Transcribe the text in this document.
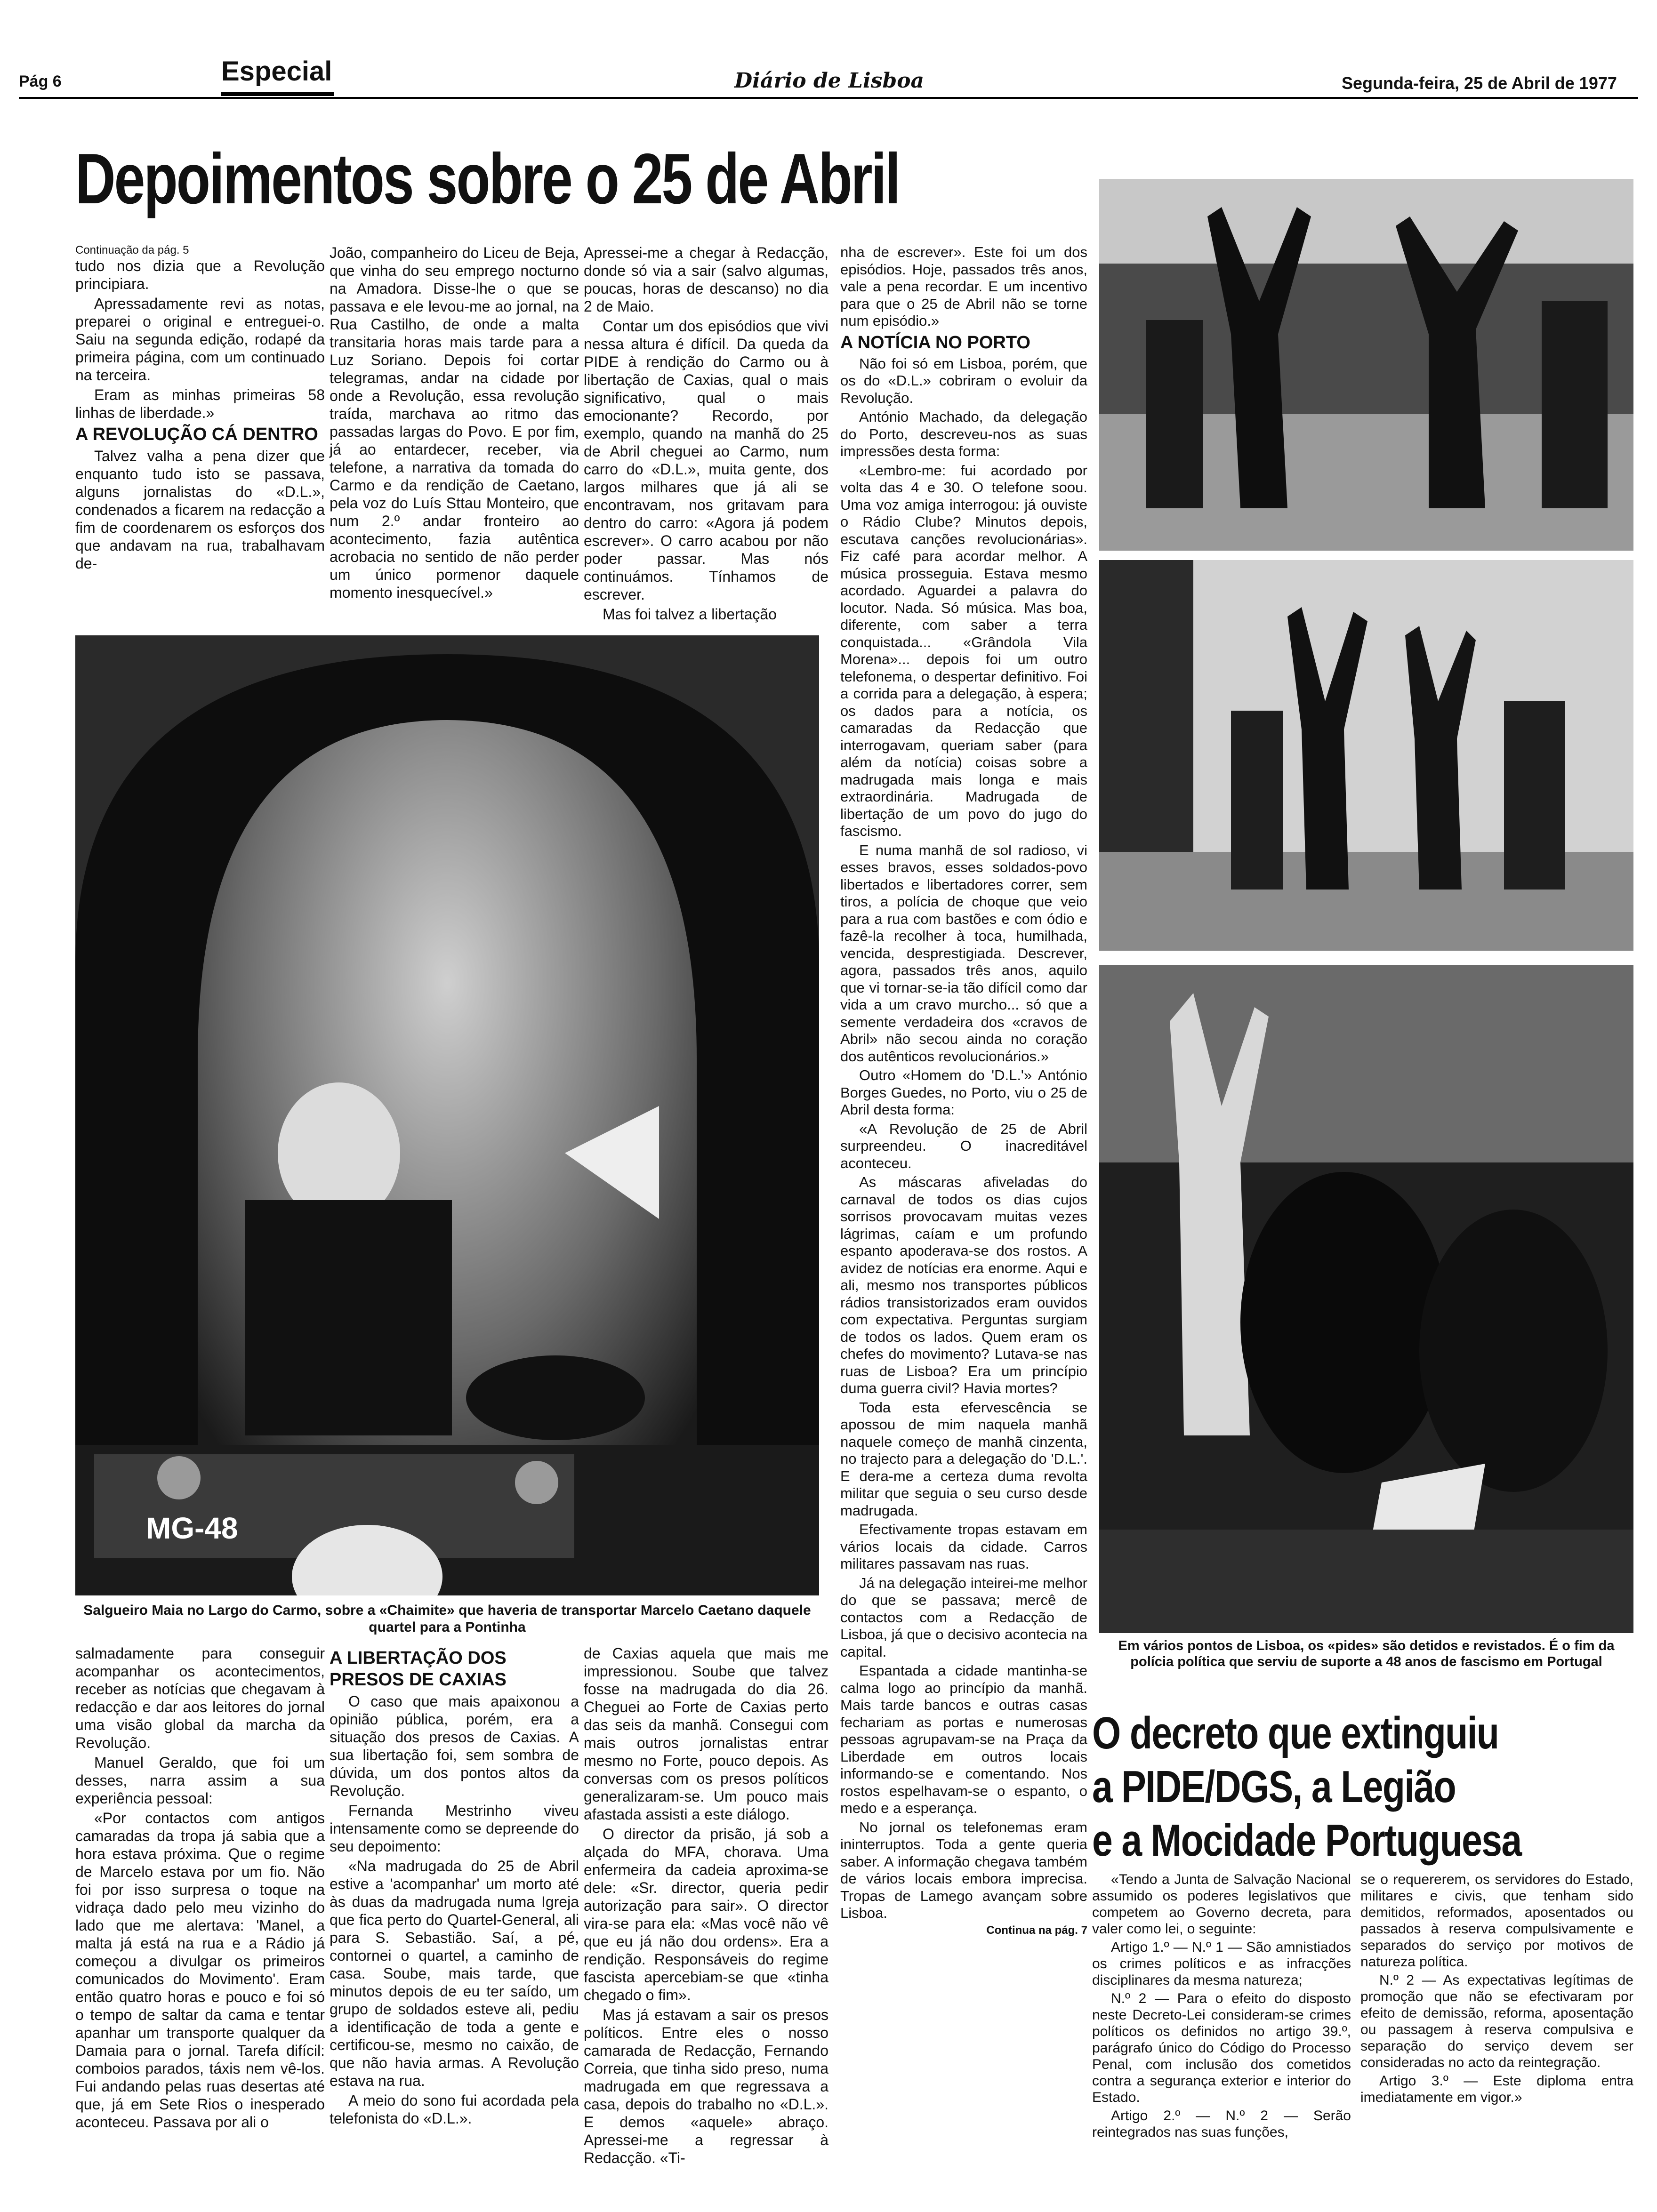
Pág 6	Especial	Diário de Lisboa	Segunda-feira, 25 de Abril de 1977
Depoimentos sobre o 25 de Abril
Continuação da pág. 5

tudo nos dizia que a Revolução principiara.

Apressadamente revi as notas, preparei o original e entreguei-o. Saiu na segunda edição, rodapé da primeira página, com um continuado na terceira.

Eram as minhas primeiras 58 linhas de liberdade.»

A REVOLUÇÃO CÁ DENTRO

Talvez valha a pena dizer que enquanto tudo isto se passava, alguns jornalistas do «D.L.», condenados a ficarem na redacção a fim de coordenarem os esforços dos que andavam na rua, trabalhavam de-

João, companheiro do Liceu de Beja, que vinha do seu emprego nocturno na Amadora. Disse-lhe o que se passava e ele levou-me ao jornal, na Rua Castilho, de onde a malta transitaria horas mais tarde para a Luz Soriano. Depois foi cortar telegramas, andar na cidade por onde a Revolução, essa revolução traída, marchava ao ritmo das passadas largas do Povo. E por fim, já ao entardecer, receber, via telefone, a narrativa da tomada do Carmo e da rendição de Caetano, pela voz do Luís Sttau Monteiro, que num 2.º andar fronteiro ao acontecimento, fazia autêntica acrobacia no sentido de não perder um único pormenor daquele momento inesquecível.»

Apressei-me a chegar à Redacção, donde só via a sair (salvo algumas, poucas, horas de descanso) no dia 2 de Maio.

Contar um dos episódios que vivi nessa altura é difícil. Da queda da PIDE à rendição do Carmo ou à libertação de Caxias, qual o mais significativo, qual o mais emocionante? Recordo, por exemplo, quando na manhã do 25 de Abril cheguei ao Carmo, num carro do «D.L.», muita gente, dos largos milhares que já ali se encontravam, nos gritavam para dentro do carro: «Agora já podem escrever». O carro acabou por não poder passar. Mas nós continuámos. Tínhamos de escrever.

Mas foi talvez a libertação

MG-48
Salgueiro Maia no Largo do Carmo, sobre a «Chaimite» que haveria de transportar Marcelo Caetano daquele quartel para a Pontinha

salmadamente para conseguir acompanhar os acontecimentos, receber as notícias que chegavam à redacção e dar aos leitores do jornal uma visão global da marcha da Revolução.

Manuel Geraldo, que foi um desses, narra assim a sua experiência pessoal:

«Por contactos com antigos camaradas da tropa já sabia que a hora estava próxima. Que o regime de Marcelo estava por um fio. Não foi por isso surpresa o toque na vidraça dado pelo meu vizinho do lado que me alertava: 'Manel, a malta já está na rua e a Rádio já começou a divulgar os primeiros comunicados do Movimento'. Eram então quatro horas e pouco e foi só o tempo de saltar da cama e tentar apanhar um transporte qualquer da Damaia para o jornal. Tarefa difícil: comboios parados, táxis nem vê-los. Fui andando pelas ruas desertas até que, já em Sete Rios o inesperado aconteceu. Passava por ali o

A LIBERTAÇÃO DOS PRESOS DE CAXIAS

O caso que mais apaixonou a opinião pública, porém, era a situação dos presos de Caxias. A sua libertação foi, sem sombra de dúvida, um dos pontos altos da Revolução.

Fernanda Mestrinho viveu intensamente como se depreende do seu depoimento:

«Na madrugada do 25 de Abril estive a 'acompanhar' um morto até às duas da madrugada numa Igreja que fica perto do Quartel-General, ali para S. Sebastião. Saí, a pé, contornei o quartel, a caminho de casa. Soube, mais tarde, que minutos depois de eu ter saído, um grupo de soldados esteve ali, pediu a identificação de toda a gente e certificou-se, mesmo no caixão, de que não havia armas. A Revolução estava na rua.

A meio do sono fui acordada pela telefonista do «D.L.».

de Caxias aquela que mais me impressionou. Soube que talvez fosse na madrugada do dia 26. Cheguei ao Forte de Caxias perto das seis da manhã. Consegui com mais outros jornalistas entrar mesmo no Forte, pouco depois. As conversas com os presos políticos generalizaram-se. Um pouco mais afastada assisti a este diálogo.

O director da prisão, já sob a alçada do MFA, chorava. Uma enfermeira da cadeia aproxima-se dele: «Sr. director, queria pedir autorização para sair». O director vira-se para ela: «Mas você não vê que eu já não dou ordens». Era a rendição. Responsáveis do regime fascista apercebiam-se que «tinha chegado o fim».

Mas já estavam a sair os presos políticos. Entre eles o nosso camarada de Redacção, Fernando Correia, que tinha sido preso, numa madrugada em que regressava a casa, depois do trabalho no «D.L.». E demos «aquele» abraço. Apressei-me a regressar à Redacção. «Ti-

nha de escrever». Este foi um dos episódios. Hoje, passados três anos, vale a pena recordar. E um incentivo para que o 25 de Abril não se torne num episódio.»

A NOTÍCIA NO PORTO

Não foi só em Lisboa, porém, que os do «D.L.» cobriram o evoluir da Revolução.

António Machado, da delegação do Porto, descreveu-nos as suas impressões desta forma:

«Lembro-me: fui acordado por volta das 4 e 30. O telefone soou. Uma voz amiga interrogou: já ouviste o Rádio Clube? Minutos depois, escutava canções revolucionárias». Fiz café para acordar melhor. A música prosseguia. Estava mesmo acordado. Aguardei a palavra do locutor. Nada. Só música. Mas boa, diferente, com saber a terra conquistada... «Grândola Vila Morena»... depois foi um outro telefonema, o despertar definitivo. Foi a corrida para a delegação, à espera; os dados para a notícia, os camaradas da Redacção que interrogavam, queriam saber (para além da notícia) coisas sobre a madrugada mais longa e mais extraordinária. Madrugada de libertação de um povo do jugo do fascismo.

E numa manhã de sol radioso, vi esses bravos, esses soldados-povo libertados e libertadores correr, sem tiros, a polícia de choque que veio para a rua com bastões e com ódio e fazê-la recolher à toca, humilhada, vencida, desprestigiada. Descrever, agora, passados três anos, aquilo que vi tornar-se-ia tão difícil como dar vida a um cravo murcho... só que a semente verdadeira dos «cravos de Abril» não secou ainda no coração dos autênticos revolucionários.»

Outro «Homem do 'D.L.'» António Borges Guedes, no Porto, viu o 25 de Abril desta forma:

«A Revolução de 25 de Abril surpreendeu. O inacreditável aconteceu.

As máscaras afiveladas do carnaval de todos os dias cujos sorrisos provocavam muitas vezes lágrimas, caíam e um profundo espanto apoderava-se dos rostos. A avidez de notícias era enorme. Aqui e ali, mesmo nos transportes públicos rádios transistorizados eram ouvidos com expectativa. Perguntas surgiam de todos os lados. Quem eram os chefes do movimento? Lutava-se nas ruas de Lisboa? Era um princípio duma guerra civil? Havia mortes?

Toda esta efervescência se apossou de mim naquela manhã naquele começo de manhã cinzenta, no trajecto para a delegação do 'D.L.'. E dera-me a certeza duma revolta militar que seguia o seu curso desde madrugada.

Efectivamente tropas estavam em vários locais da cidade. Carros militares passavam nas ruas.

Já na delegação inteirei-me melhor do que se passava; mercê de contactos com a Redacção de Lisboa, já que o decisivo acontecia na capital.

Espantada a cidade mantinha-se calma logo ao princípio da manhã. Mais tarde bancos e outras casas fechariam as portas e numerosas pessoas agrupavam-se na Praça da Liberdade em outros locais informando-se e comentando. Nos rostos espelhavam-se o espanto, o medo e a esperança.

No jornal os telefonemas eram ininterruptos. Toda a gente queria saber. A informação chegava também de vários locais embora imprecisa. Tropas de Lamego avançam sobre Lisboa.

Continua na pág. 7
Em vários pontos de Lisboa, os «pides» são detidos e revistados. É o fim da polícia política que serviu de suporte a 48 anos de fascismo em Portugal
O decreto que extinguiu
a PIDE/DGS, a Legião
e a Mocidade Portuguesa

«Tendo a Junta de Salvação Nacional assumido os poderes legislativos que competem ao Governo decreta, para valer como lei, o seguinte:

Artigo 1.º — N.º 1 — São amnistiados os crimes políticos e as infracções disciplinares da mesma natureza;

N.º 2 — Para o efeito do disposto neste Decreto-Lei consideram-se crimes políticos os definidos no artigo 39.º, parágrafo único do Código do Processo Penal, com inclusão dos cometidos contra a segurança exterior e interior do Estado.

Artigo 2.º — N.º 2 — Serão reintegrados nas suas funções,

se o requererem, os servidores do Estado, militares e civis, que tenham sido demitidos, reformados, aposentados ou passados à reserva compulsivamente e separados do serviço por motivos de natureza política.

N.º 2 — As expectativas legítimas de promoção que não se efectivaram por efeito de demissão, reforma, aposentação ou passagem à reserva compulsiva e separação do serviço devem ser consideradas no acto da reintegração.

Artigo 3.º — Este diploma entra imediatamente em vigor.»
